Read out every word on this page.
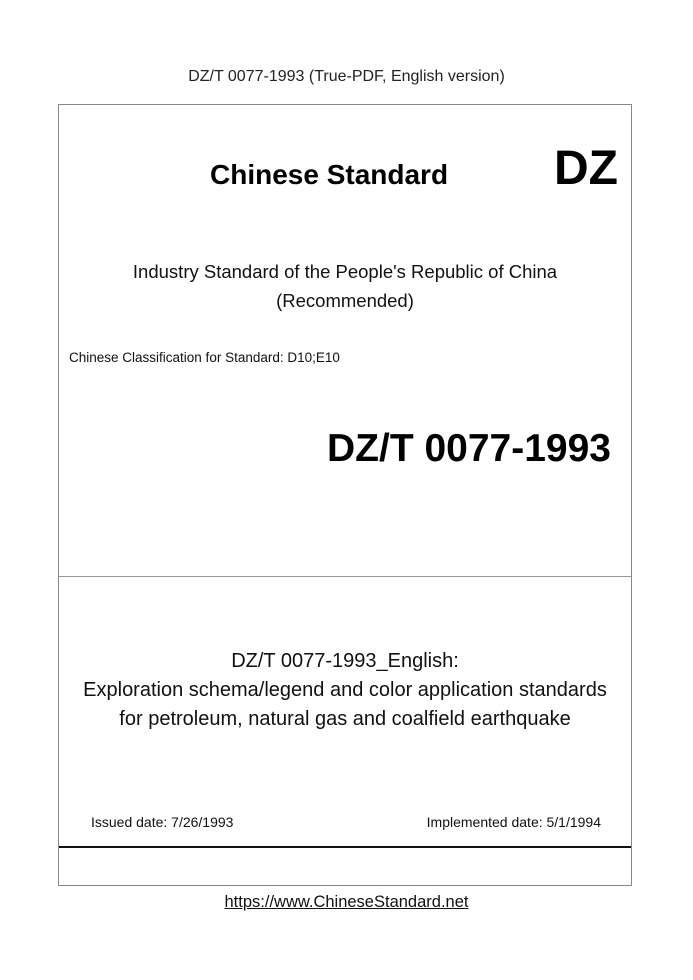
DZ/T 0077-1993 (True-PDF, English version)
Chinese Standard DZ
Industry Standard of the People's Republic of China
(Recommended)
Chinese Classification for Standard: D10;E10
DZ/T 0077-1993
DZ/T 0077-1993_English:
Exploration schema/legend and color application standards
for petroleum, natural gas and coalfield earthquake
Issued date: 7/26/1993	Implemented date: 5/1/1994
https://www.ChineseStandard.net
